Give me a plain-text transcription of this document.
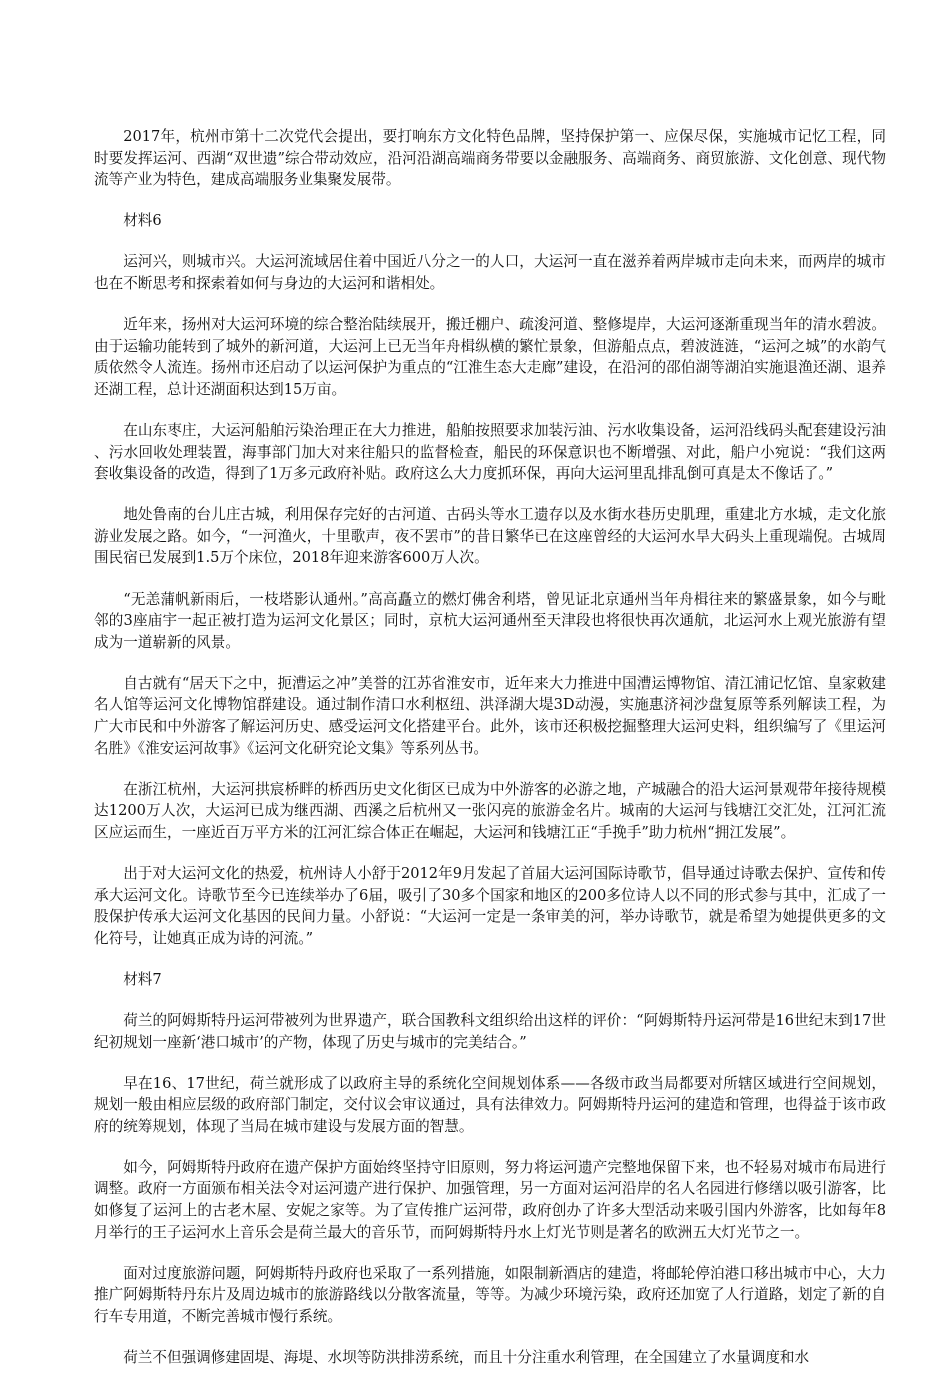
2017年，杭州市第十二次党代会提出，要打响东方文化特色品牌，坚持保护第一、应保尽保，实施城市记忆工程，同时要发挥运河、西湖“双世遗”综合带动效应，沿河沿湖高端商务带要以金融服务、高端商务、商贸旅游、文化创意、现代物流等产业为特色，建成高端服务业集聚发展带。

材料6

运河兴，则城市兴。大运河流域居住着中国近八分之一的人口，大运河一直在滋养着两岸城市走向未来，而两岸的城市也在不断思考和探索着如何与身边的大运河和谐相处。

近年来，扬州对大运河环境的综合整治陆续展开，搬迁棚户、疏浚河道、整修堤岸，大运河逐渐重现当年的清水碧波。由于运输功能转到了城外的新河道，大运河上已无当年舟楫纵横的繁忙景象，但游船点点，碧波涟涟，“运河之城”的水韵气质依然令人流连。扬州市还启动了以运河保护为重点的“江淮生态大走廊”建设，在沿河的邵伯湖等湖泊实施退渔还湖、退养还湖工程，总计还湖面积达到15万亩。

在山东枣庄，大运河船舶污染治理正在大力推进，船舶按照要求加装污油、污水收集设备，运河沿线码头配套建设污油、污水回收处理装置，海事部门加大对来往船只的监督检查，船民的环保意识也不断增强、对此，船户小宛说：“我们这两套收集设备的改造，得到了1万多元政府补贴。政府这么大力度抓环保，再向大运河里乱排乱倒可真是太不像话了。”

地处鲁南的台儿庄古城，利用保存完好的古河道、古码头等水工遗存以及水街水巷历史肌理，重建北方水城，走文化旅游业发展之路。如今，“一河渔火，十里歌声，夜不罢市”的昔日繁华已在这座曾经的大运河水旱大码头上重现端倪。古城周围民宿已发展到1.5万个床位，2018年迎来游客600万人次。

“无恙蒲帆新雨后，一枝塔影认通州。”高高矗立的燃灯佛舍利塔，曾见证北京通州当年舟楫往来的繁盛景象，如今与毗邻的3座庙宇一起正被打造为运河文化景区；同时，京杭大运河通州至天津段也将很快再次通航，北运河水上观光旅游有望成为一道崭新的风景。

自古就有“居天下之中，扼漕运之冲”美誉的江苏省淮安市，近年来大力推进中国漕运博物馆、清江浦记忆馆、皇家敕建名人馆等运河文化博物馆群建设。通过制作清口水利枢纽、洪泽湖大堤3D动漫，实施惠济祠沙盘复原等系列解读工程，为广大市民和中外游客了解运河历史、感受运河文化搭建平台。此外，该市还积极挖掘整理大运河史料，组织编写了《里运河名胜》《淮安运河故事》《运河文化研究论文集》等系列丛书。

在浙江杭州，大运河拱宸桥畔的桥西历史文化街区已成为中外游客的必游之地，产城融合的沿大运河景观带年接待规模达1200万人次，大运河已成为继西湖、西溪之后杭州又一张闪亮的旅游金名片。城南的大运河与钱塘江交汇处，江河汇流区应运而生，一座近百万平方米的江河汇综合体正在崛起，大运河和钱塘江正“手挽手”助力杭州“拥江发展”。

出于对大运河文化的热爱，杭州诗人小舒于2012年9月发起了首届大运河国际诗歌节，倡导通过诗歌去保护、宣传和传承大运河文化。诗歌节至今已连续举办了6届，吸引了30多个国家和地区的200多位诗人以不同的形式参与其中，汇成了一股保护传承大运河文化基因的民间力量。小舒说：“大运河一定是一条审美的河，举办诗歌节，就是希望为她提供更多的文化符号，让她真正成为诗的河流。”

材料7

荷兰的阿姆斯特丹运河带被列为世界遗产，联合国教科文组织给出这样的评价：“阿姆斯特丹运河带是16世纪末到17世纪初规划一座新‘港口城市’的产物，体现了历史与城市的完美结合。”

早在16、17世纪，荷兰就形成了以政府主导的系统化空间规划体系——各级市政当局都要对所辖区域进行空间规划，规划一般由相应层级的政府部门制定，交付议会审议通过，具有法律效力。阿姆斯特丹运河的建造和管理，也得益于该市政府的统筹规划，体现了当局在城市建设与发展方面的智慧。

如今，阿姆斯特丹政府在遗产保护方面始终坚持守旧原则，努力将运河遗产完整地保留下来，也不轻易对城市布局进行调整。政府一方面颁布相关法令对运河遗产进行保护、加强管理，另一方面对运河沿岸的名人名园进行修缮以吸引游客，比如修复了运河上的古老木屋、安妮之家等。为了宣传推广运河带，政府创办了许多大型活动来吸引国内外游客，比如每年8月举行的王子运河水上音乐会是荷兰最大的音乐节，而阿姆斯特丹水上灯光节则是著名的欧洲五大灯光节之一。

面对过度旅游问题，阿姆斯特丹政府也采取了一系列措施，如限制新酒店的建造，将邮轮停泊港口移出城市中心，大力推广阿姆斯特丹东片及周边城市的旅游路线以分散客流量，等等。为减少环境污染，政府还加宽了人行道路，划定了新的自行车专用道，不断完善城市慢行系统。

荷兰不但强调修建固堤、海堤、水坝等防洪排涝系统，而且十分注重水利管理，在全国建立了水量调度和水
